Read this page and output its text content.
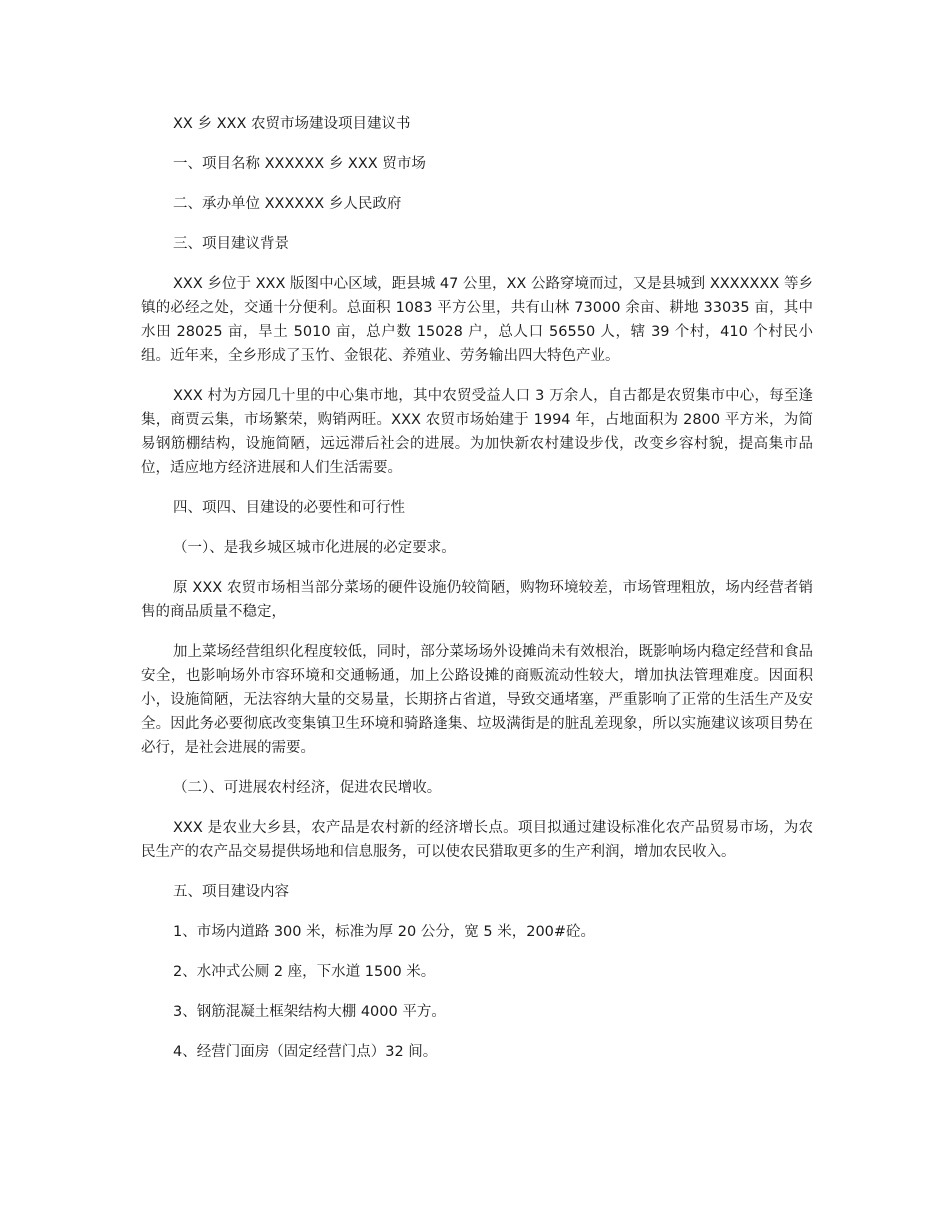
XX 乡 XXX 农贸市场建设项目建议书

一、项目名称 XXXXXX 乡 XXX 贸市场

二、承办单位 XXXXXX 乡人民政府

三、项目建议背景

XXX 乡位于 XXX 版图中心区域，距县城 47 公里，XX 公路穿境而过，又是县城到 XXXXXXX 等乡镇的必经之处，交通十分便利。总面积 1083 平方公里，共有山林 73000 余亩、耕地 33035 亩，其中水田 28025 亩，旱土 5010 亩，总户数 15028 户，总人口 56550 人，辖 39 个村，410 个村民小组。近年来，全乡形成了玉竹、金银花、养殖业、劳务输出四大特色产业。

XXX 村为方园几十里的中心集市地，其中农贸受益人口 3 万余人，自古都是农贸集市中心，每至逢集，商贾云集，市场繁荣，购销两旺。XXX 农贸市场始建于 1994 年，占地面积为 2800 平方米，为简易钢筋棚结构，设施简陋，远远滞后社会的进展。为加快新农村建设步伐，改变乡容村貌，提高集市品位，适应地方经济进展和人们生活需要。

四、项四、目建设的必要性和可行性

（一）、是我乡城区城市化进展的必定要求。

原 XXX 农贸市场相当部分菜场的硬件设施仍较简陋，购物环境较差，市场管理粗放，场内经营者销售的商品质量不稳定，

加上菜场经营组织化程度较低，同时，部分菜场场外设摊尚未有效根治，既影响场内稳定经营和食品安全，也影响场外市容环境和交通畅通，加上公路设摊的商贩流动性较大，增加执法管理难度。因面积小，设施简陋，无法容纳大量的交易量，长期挤占省道，导致交通堵塞，严重影响了正常的生活生产及安全。因此务必要彻底改变集镇卫生环境和骑路逢集、垃圾满街是的脏乱差现象，所以实施建议该项目势在必行，是社会进展的需要。

（二）、可进展农村经济，促进农民增收。

XXX 是农业大乡县，农产品是农村新的经济增长点。项目拟通过建设标准化农产品贸易市场，为农民生产的农产品交易提供场地和信息服务，可以使农民猎取更多的生产利润，增加农民收入。

五、项目建设内容

1、市场内道路 300 米，标准为厚 20 公分，宽 5 米，200#砼。

2、水冲式公厕 2 座，下水道 1500 米。

3、钢筋混凝土框架结构大棚 4000 平方。

4、经营门面房（固定经营门点）32 间。
